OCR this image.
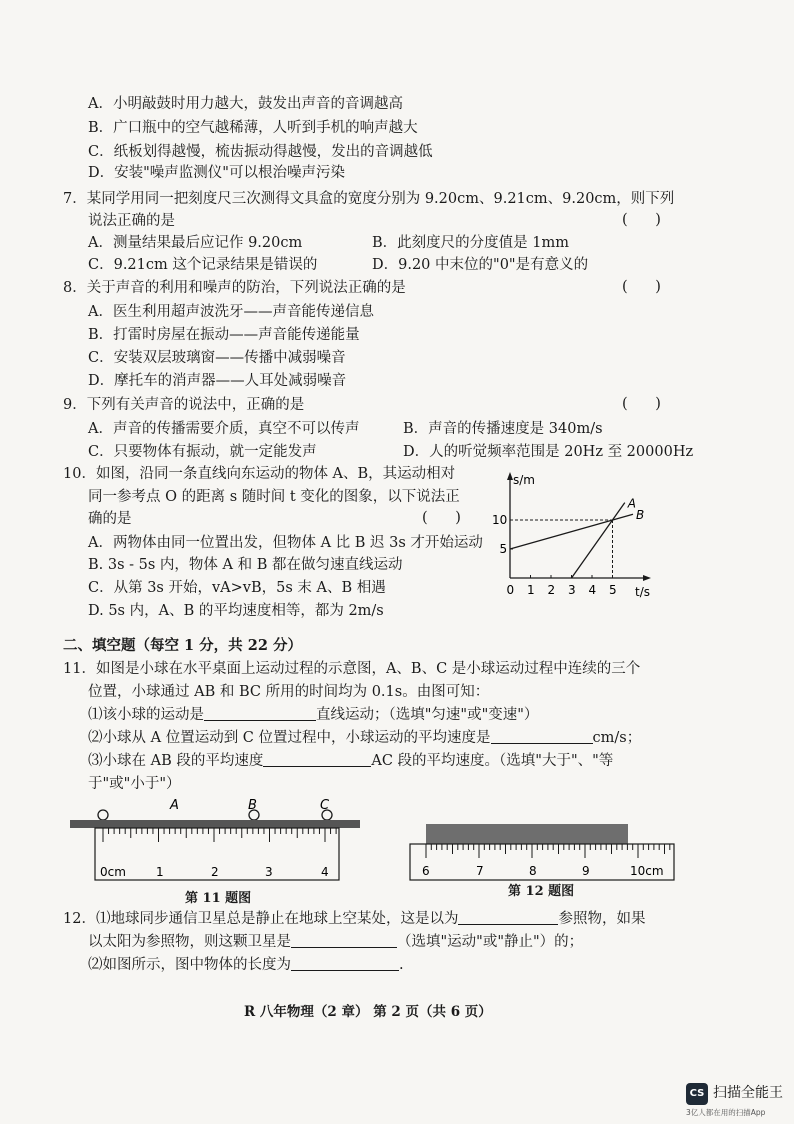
A．小明敲鼓时用力越大，鼓发出声音的音调越高
B．广口瓶中的空气越稀薄，人听到手机的响声越大
C．纸板划得越慢，梳齿振动得越慢，发出的音调越低
D．安装"噪声监测仪"可以根治噪声污染
7．某同学用同一把刻度尺三次测得文具盒的宽度分别为 9.20cm、9.21cm、9.20cm，则下列
说法正确的是	(      )
A．测量结果最后应记作 9.20cm	B．此刻度尺的分度值是 1mm
C．9.21cm 这个记录结果是错误的	D．9.20 中末位的"0"是有意义的
8．关于声音的利用和噪声的防治，下列说法正确的是	(      )
A．医生利用超声波洗牙——声音能传递信息
B．打雷时房屋在振动——声音能传递能量
C．安装双层玻璃窗——传播中减弱噪音
D．摩托车的消声器——人耳处减弱噪音
9．下列有关声音的说法中，正确的是	(      )
A．声音的传播需要介质，真空不可以传声	B．声音的传播速度是 340m/s
C．只要物体有振动，就一定能发声	D．人的听觉频率范围是 20Hz 至 20000Hz
10．如图，沿同一条直线向东运动的物体 A、B，其运动相对
同一参考点 O 的距离 s 随时间 t 变化的图象，以下说法正
确的是	(      )
A．两物体由同一位置出发，但物体 A 比 B 迟 3s 才开始运动
B. 3s - 5s 内，物体 A 和 B 都在做匀速直线运动
C．从第 3s 开始，vA>vB，5s 末 A、B 相遇
D. 5s 内，A、B 的平均速度相等，都为 2m/s
s/m
t/s
0 1 2 3 4 5
5
10
A
B
二、填空题（每空 1 分，共 22 分）
11．如图是小球在水平桌面上运动过程的示意图，A、B、C 是小球运动过程中连续的三个
位置，小球通过 AB 和 BC 所用的时间均为 0.1s。由图可知：
⑴该小球的运动是	直线运动；（选填"匀速"或"变速"）
⑵小球从 A 位置运动到 C 位置过程中，小球运动的平均速度是	cm/s；
⑶小球在 AB 段的平均速度	AC 段的平均速度。（选填"大于"、"等
于"或"小于"）
A	B	C
0cm	1	2	3	4
第 11 题图
6	7	8	9	10cm
第 12 题图
12．⑴地球同步通信卫星总是静止在地球上空某处，这是以为	参照物，如果
以太阳为参照物，则这颗卫星是	（选填"运动"或"静止"）的；
⑵如图所示，图中物体的长度为	.
R 八年物理（2 章） 第 2 页（共 6 页）
CS 扫描全能王
3亿人都在用的扫描App
